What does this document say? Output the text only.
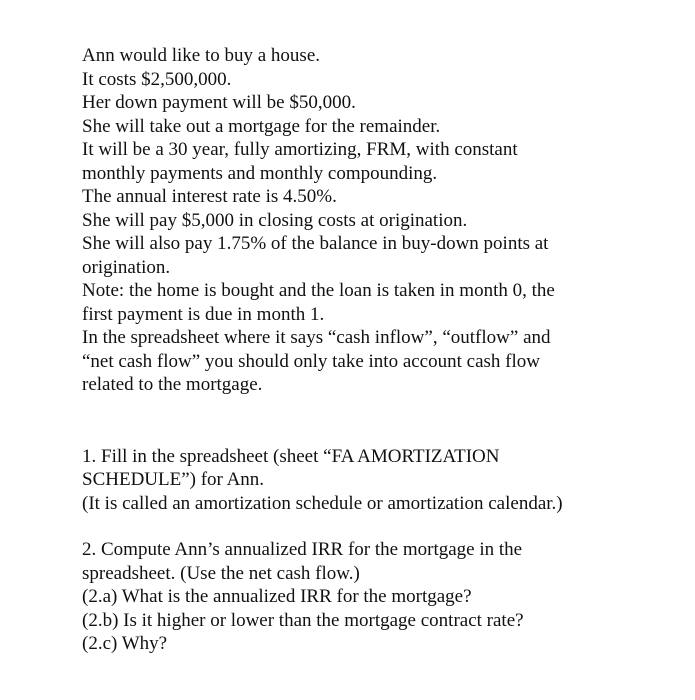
Ann would like to buy a house.
It costs $2,500,000.
Her down payment will be $50,000.
She will take out a mortgage for the remainder.
It will be a 30 year, fully amortizing, FRM, with constant
monthly payments and monthly compounding.
The annual interest rate is 4.50%.
She will pay $5,000 in closing costs at origination.
She will also pay 1.75% of the balance in buy-down points at
origination.
Note: the home is bought and the loan is taken in month 0, the
first payment is due in month 1.
In the spreadsheet where it says “cash inflow”, “outflow” and
“net cash flow” you should only take into account cash flow
related to the mortgage.
1. Fill in the spreadsheet (sheet “FA AMORTIZATION
SCHEDULE”) for Ann.
(It is called an amortization schedule or amortization calendar.)
2. Compute Ann’s annualized IRR for the mortgage in the
spreadsheet. (Use the net cash flow.)
(2.a) What is the annualized IRR for the mortgage?
(2.b) Is it higher or lower than the mortgage contract rate?
(2.c) Why?
